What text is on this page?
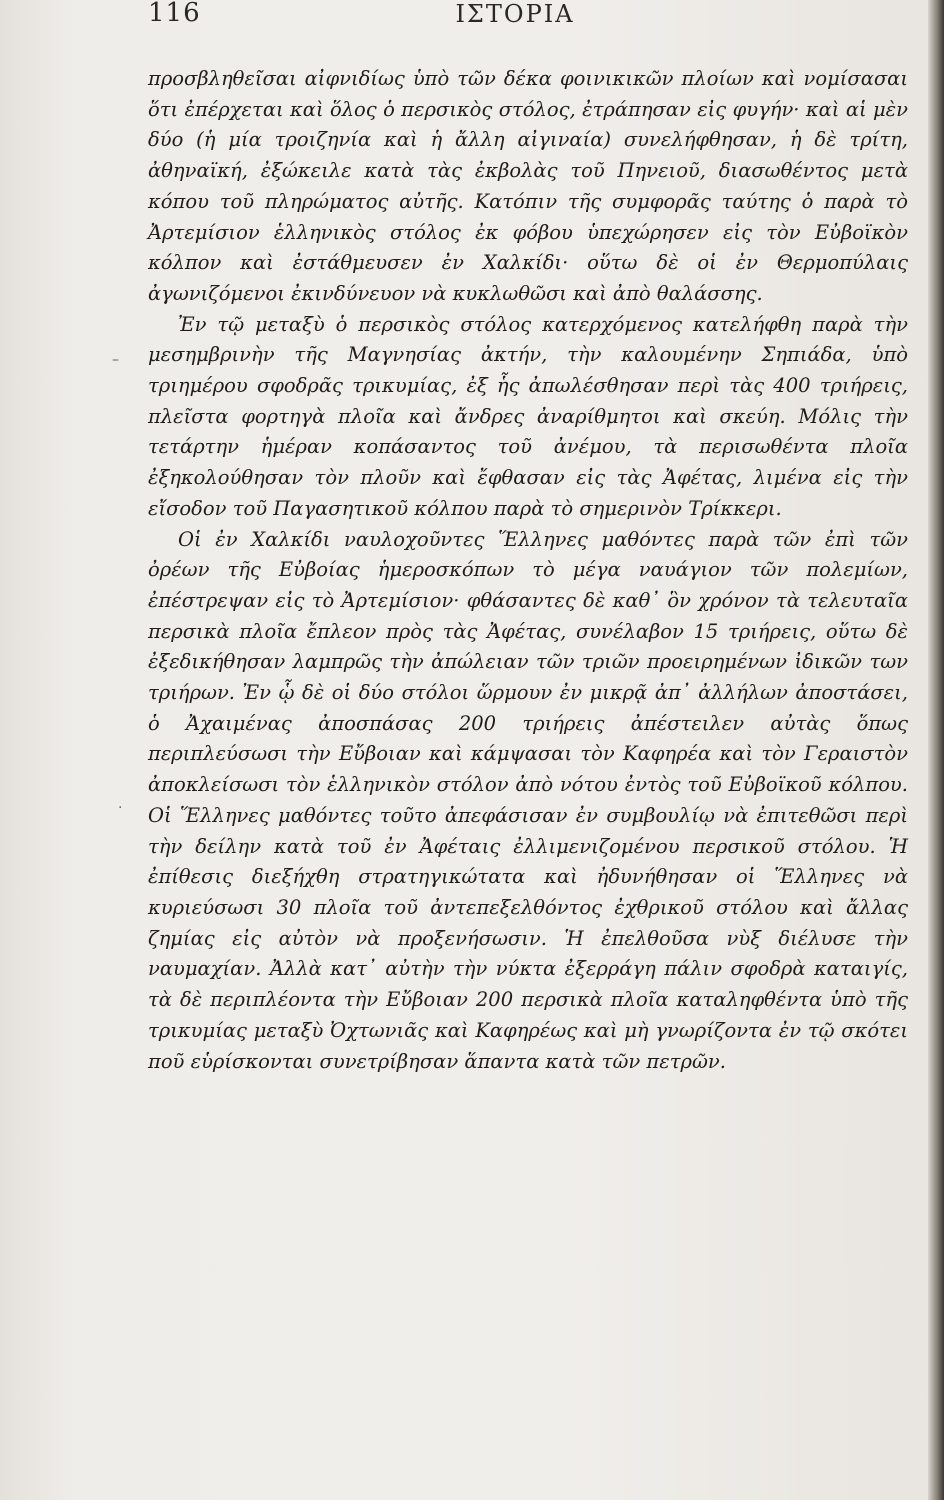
116	ΙΣΤΟΡΙΑ
–
·

προσβληθεῖσαι αἰφνιδίως ὑπὸ τῶν δέκα φοινικικῶν πλοίων καὶ νομίσασαι ὅτι ἐπέρχεται καὶ ὅλος ὁ περσικὸς στόλος, ἐτράπησαν εἰς φυγήν· καὶ αἱ μὲν δύο (ἡ μία τροιζηνία καὶ ἡ ἄλλη αἰγιναία) συνελήφθησαν, ἡ δὲ τρίτη, ἀθηναϊκή, ἐξώκειλε κατὰ τὰς ἐκβολὰς τοῦ Πηνειοῦ, διασωθέντος μετὰ κόπου τοῦ πληρώματος αὐτῆς. Κατόπιν τῆς συμφορᾶς ταύτης ὁ παρὰ τὸ Ἀρτεμίσιον ἑλληνικὸς στόλος ἐκ φόβου ὑπεχώρησεν εἰς τὸν Εὐβοϊκὸν κόλπον καὶ ἐστάθμευσεν ἐν Χαλκίδι· οὕτω δὲ οἱ ἐν Θερμοπύλαις ἀγωνιζόμενοι ἐκινδύνευον νὰ κυκλωθῶσι καὶ ἀπὸ θαλάσσης.

Ἐν τῷ μεταξὺ ὁ περσικὸς στόλος κατερχόμενος κατελήφθη παρὰ τὴν μεσημβρινὴν τῆς Μαγνησίας ἀκτήν, τὴν καλουμένην Σηπιάδα, ὑπὸ τριημέρου σφοδρᾶς τρικυμίας, ἐξ ἧς ἀπωλέσθησαν περὶ τὰς 400 τριήρεις, πλεῖστα φορτηγὰ πλοῖα καὶ ἄνδρες ἀναρίθμητοι καὶ σκεύη. Μόλις τὴν τετάρτην ἡμέραν κοπάσαντος τοῦ ἀνέμου, τὰ περισωθέντα πλοῖα ἐξηκολούθησαν τὸν πλοῦν καὶ ἔφθασαν εἰς τὰς Ἀφέτας, λιμένα εἰς τὴν εἴσοδον τοῦ Παγασητικοῦ κόλπου παρὰ τὸ σημερινὸν Τρίκκερι.

Οἱ ἐν Χαλκίδι ναυλοχοῦντες Ἕλληνες μαθόντες παρὰ τῶν ἐπὶ τῶν ὀρέων τῆς Εὐβοίας ἡμεροσκόπων τὸ μέγα ναυάγιον τῶν πολεμίων, ἐπέστρεψαν εἰς τὸ Ἀρτεμίσιον· φθάσαντες δὲ καθ᾽ ὃν χρόνον τὰ τελευταῖα περσικὰ πλοῖα ἔπλεον πρὸς τὰς Ἀφέτας, συνέλαβον 15 τριήρεις, οὕτω δὲ ἐξεδικήθησαν λαμπρῶς τὴν ἀπώλειαν τῶν τριῶν προειρημένων ἰδικῶν των τριήρων. Ἐν ᾧ δὲ οἱ δύο στόλοι ὥρμουν ἐν μικρᾷ ἀπ᾽ ἀλλήλων ἀποστάσει, ὁ Ἀχαιμένας ἀποσπάσας 200 τριήρεις ἀπέστειλεν αὐτὰς ὅπως περιπλεύσωσι τὴν Εὔβοιαν καὶ κάμψασαι τὸν Καφηρέα καὶ τὸν Γεραιστὸν ἀποκλείσωσι τὸν ἑλληνικὸν στόλον ἀπὸ νότου ἐντὸς τοῦ Εὐβοϊκοῦ κόλπου. Οἱ Ἕλληνες μαθόντες τοῦτο ἀπεφάσισαν ἐν συμβουλίῳ νὰ ἐπιτεθῶσι περὶ τὴν δείλην κατὰ τοῦ ἐν Ἀφέταις ἐλλιμενιζομένου περσικοῦ στόλου. Ἡ ἐπίθεσις διεξήχθη στρατηγικώτατα καὶ ἠδυνήθησαν οἱ Ἕλληνες νὰ κυριεύσωσι 30 πλοῖα τοῦ ἀντεπεξελθόντος ἐχθρικοῦ στόλου καὶ ἄλλας ζημίας εἰς αὐτὸν νὰ προξενήσωσιν. Ἡ ἐπελθοῦσα νὺξ διέλυσε τὴν ναυμαχίαν. Ἀλλὰ κατ᾽ αὐτὴν τὴν νύκτα ἐξερράγη πάλιν σφοδρὰ καταιγίς, τὰ δὲ περιπλέοντα τὴν Εὔβοιαν 200 περσικὰ πλοῖα καταληφθέντα ὑπὸ τῆς τρικυμίας μεταξὺ Ὀχτωνιᾶς καὶ Καφηρέως καὶ μὴ γνωρίζοντα ἐν τῷ σκότει ποῦ εὑρίσκονται συνετρίβησαν ἅπαντα κατὰ τῶν πετρῶν.
